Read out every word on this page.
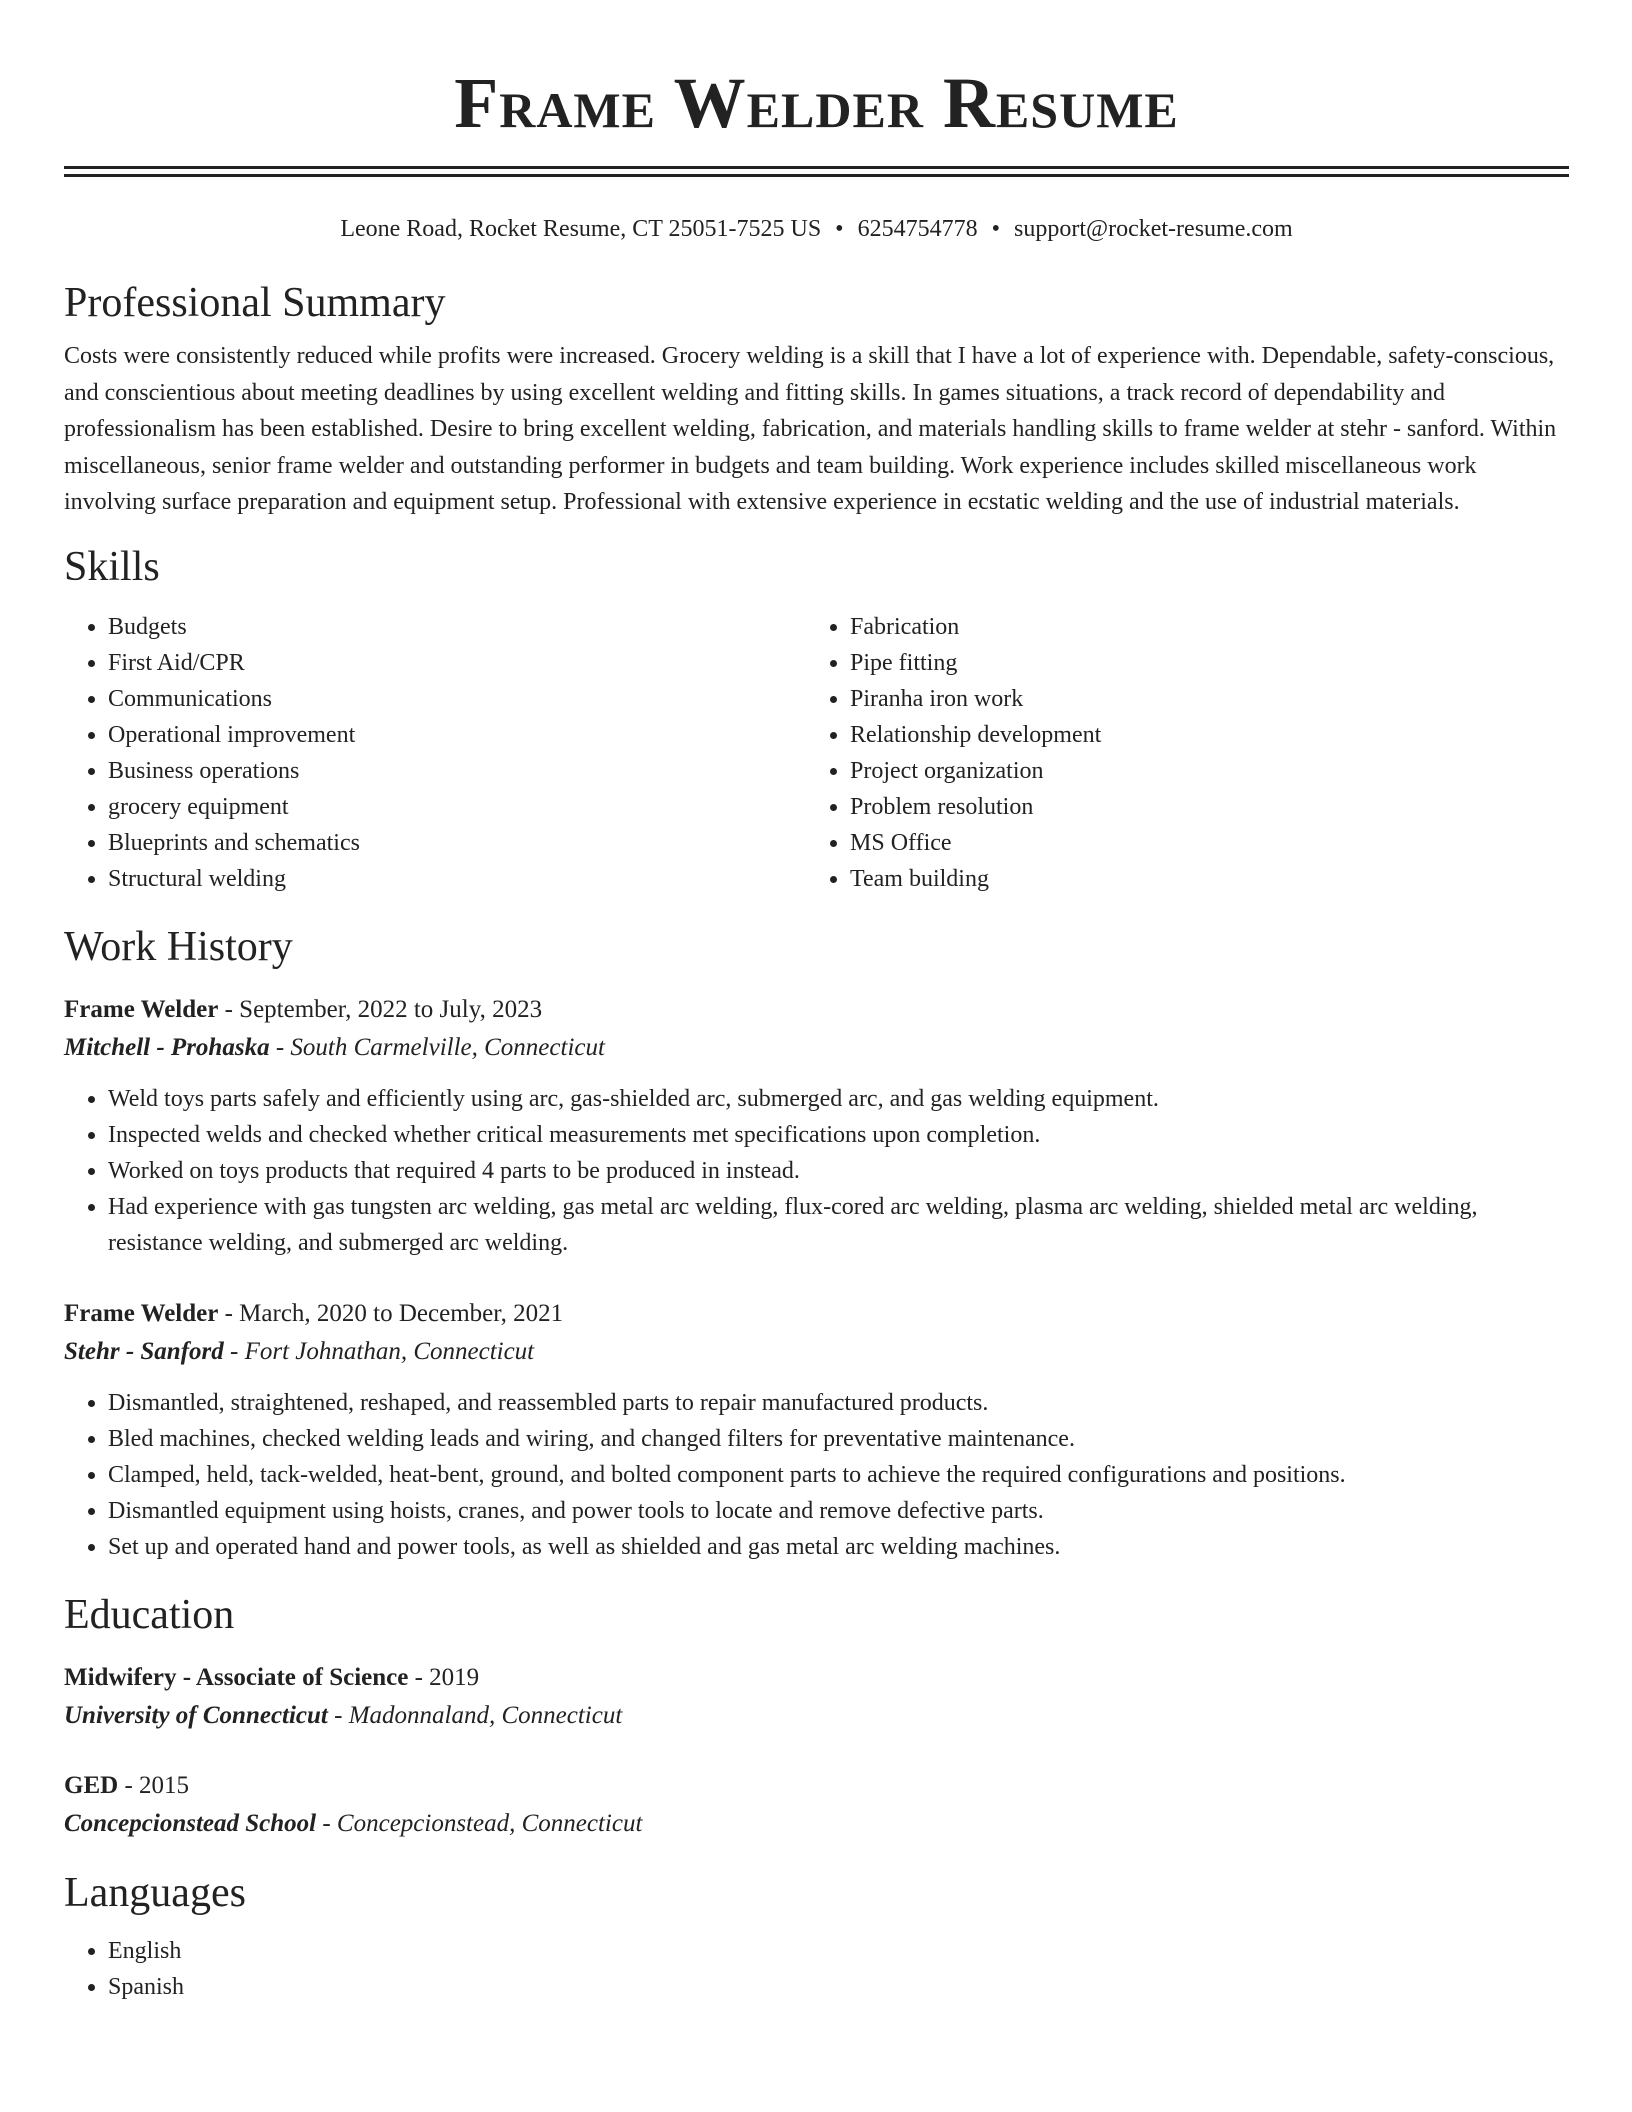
Frame Welder Resume
Leone Road, Rocket Resume, CT 25051-7525 US • 6254754778 • support@rocket-resume.com
Professional Summary
Costs were consistently reduced while profits were increased. Grocery welding is a skill that I have a lot of experience with. Dependable, safety-conscious, and conscientious about meeting deadlines by using excellent welding and fitting skills. In games situations, a track record of dependability and professionalism has been established. Desire to bring excellent welding, fabrication, and materials handling skills to frame welder at stehr - sanford. Within miscellaneous, senior frame welder and outstanding performer in budgets and team building. Work experience includes skilled miscellaneous work involving surface preparation and equipment setup. Professional with extensive experience in ecstatic welding and the use of industrial materials.
Skills
• Budgets
• First Aid/CPR
• Communications
• Operational improvement
• Business operations
• grocery equipment
• Blueprints and schematics
• Structural welding
• Fabrication
• Pipe fitting
• Piranha iron work
• Relationship development
• Project organization
• Problem resolution
• MS Office
• Team building
Work History
Frame Welder - September, 2022 to July, 2023
Mitchell - Prohaska - South Carmelville, Connecticut
• Weld toys parts safely and efficiently using arc, gas-shielded arc, submerged arc, and gas welding equipment.
• Inspected welds and checked whether critical measurements met specifications upon completion.
• Worked on toys products that required 4 parts to be produced in instead.
• Had experience with gas tungsten arc welding, gas metal arc welding, flux-cored arc welding, plasma arc welding, shielded metal arc welding, resistance welding, and submerged arc welding.
Frame Welder - March, 2020 to December, 2021
Stehr - Sanford - Fort Johnathan, Connecticut
• Dismantled, straightened, reshaped, and reassembled parts to repair manufactured products.
• Bled machines, checked welding leads and wiring, and changed filters for preventative maintenance.
• Clamped, held, tack-welded, heat-bent, ground, and bolted component parts to achieve the required configurations and positions.
• Dismantled equipment using hoists, cranes, and power tools to locate and remove defective parts.
• Set up and operated hand and power tools, as well as shielded and gas metal arc welding machines.
Education
Midwifery - Associate of Science - 2019
University of Connecticut - Madonnaland, Connecticut
GED - 2015
Concepcionstead School - Concepcionstead, Connecticut
Languages
• English
• Spanish
